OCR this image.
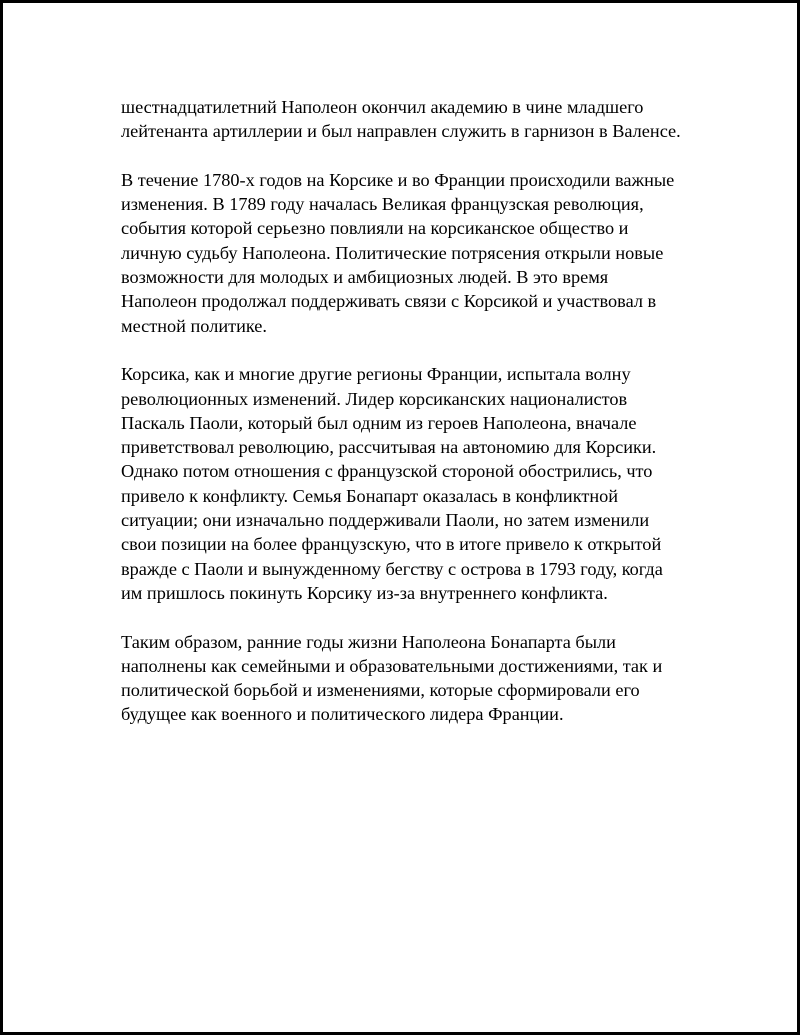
шестнадцатилетний Наполеон окончил академию в чине младшего
лейтенанта артиллерии и был направлен служить в гарнизон в Валенсе.

В течение 1780-х годов на Корсике и во Франции происходили важные
изменения. В 1789 году началась Великая французская революция,
события которой серьезно повлияли на корсиканское общество и
личную судьбу Наполеона. Политические потрясения открыли новые
возможности для молодых и амбициозных людей. В это время
Наполеон продолжал поддерживать связи с Корсикой и участвовал в
местной политике.

Корсика, как и многие другие регионы Франции, испытала волну
революционных изменений. Лидер корсиканских националистов
Паскаль Паоли, который был одним из героев Наполеона, вначале
приветствовал революцию, рассчитывая на автономию для Корсики.
Однако потом отношения с французской стороной обострились, что
привело к конфликту. Семья Бонапарт оказалась в конфликтной
ситуации; они изначально поддерживали Паоли, но затем изменили
свои позиции на более французскую, что в итоге привело к открытой
вражде с Паоли и вынужденному бегству с острова в 1793 году, когда
им пришлось покинуть Корсику из-за внутреннего конфликта.

Таким образом, ранние годы жизни Наполеона Бонапарта были
наполнены как семейными и образовательными достижениями, так и
политической борьбой и изменениями, которые сформировали его
будущее как военного и политического лидера Франции.
